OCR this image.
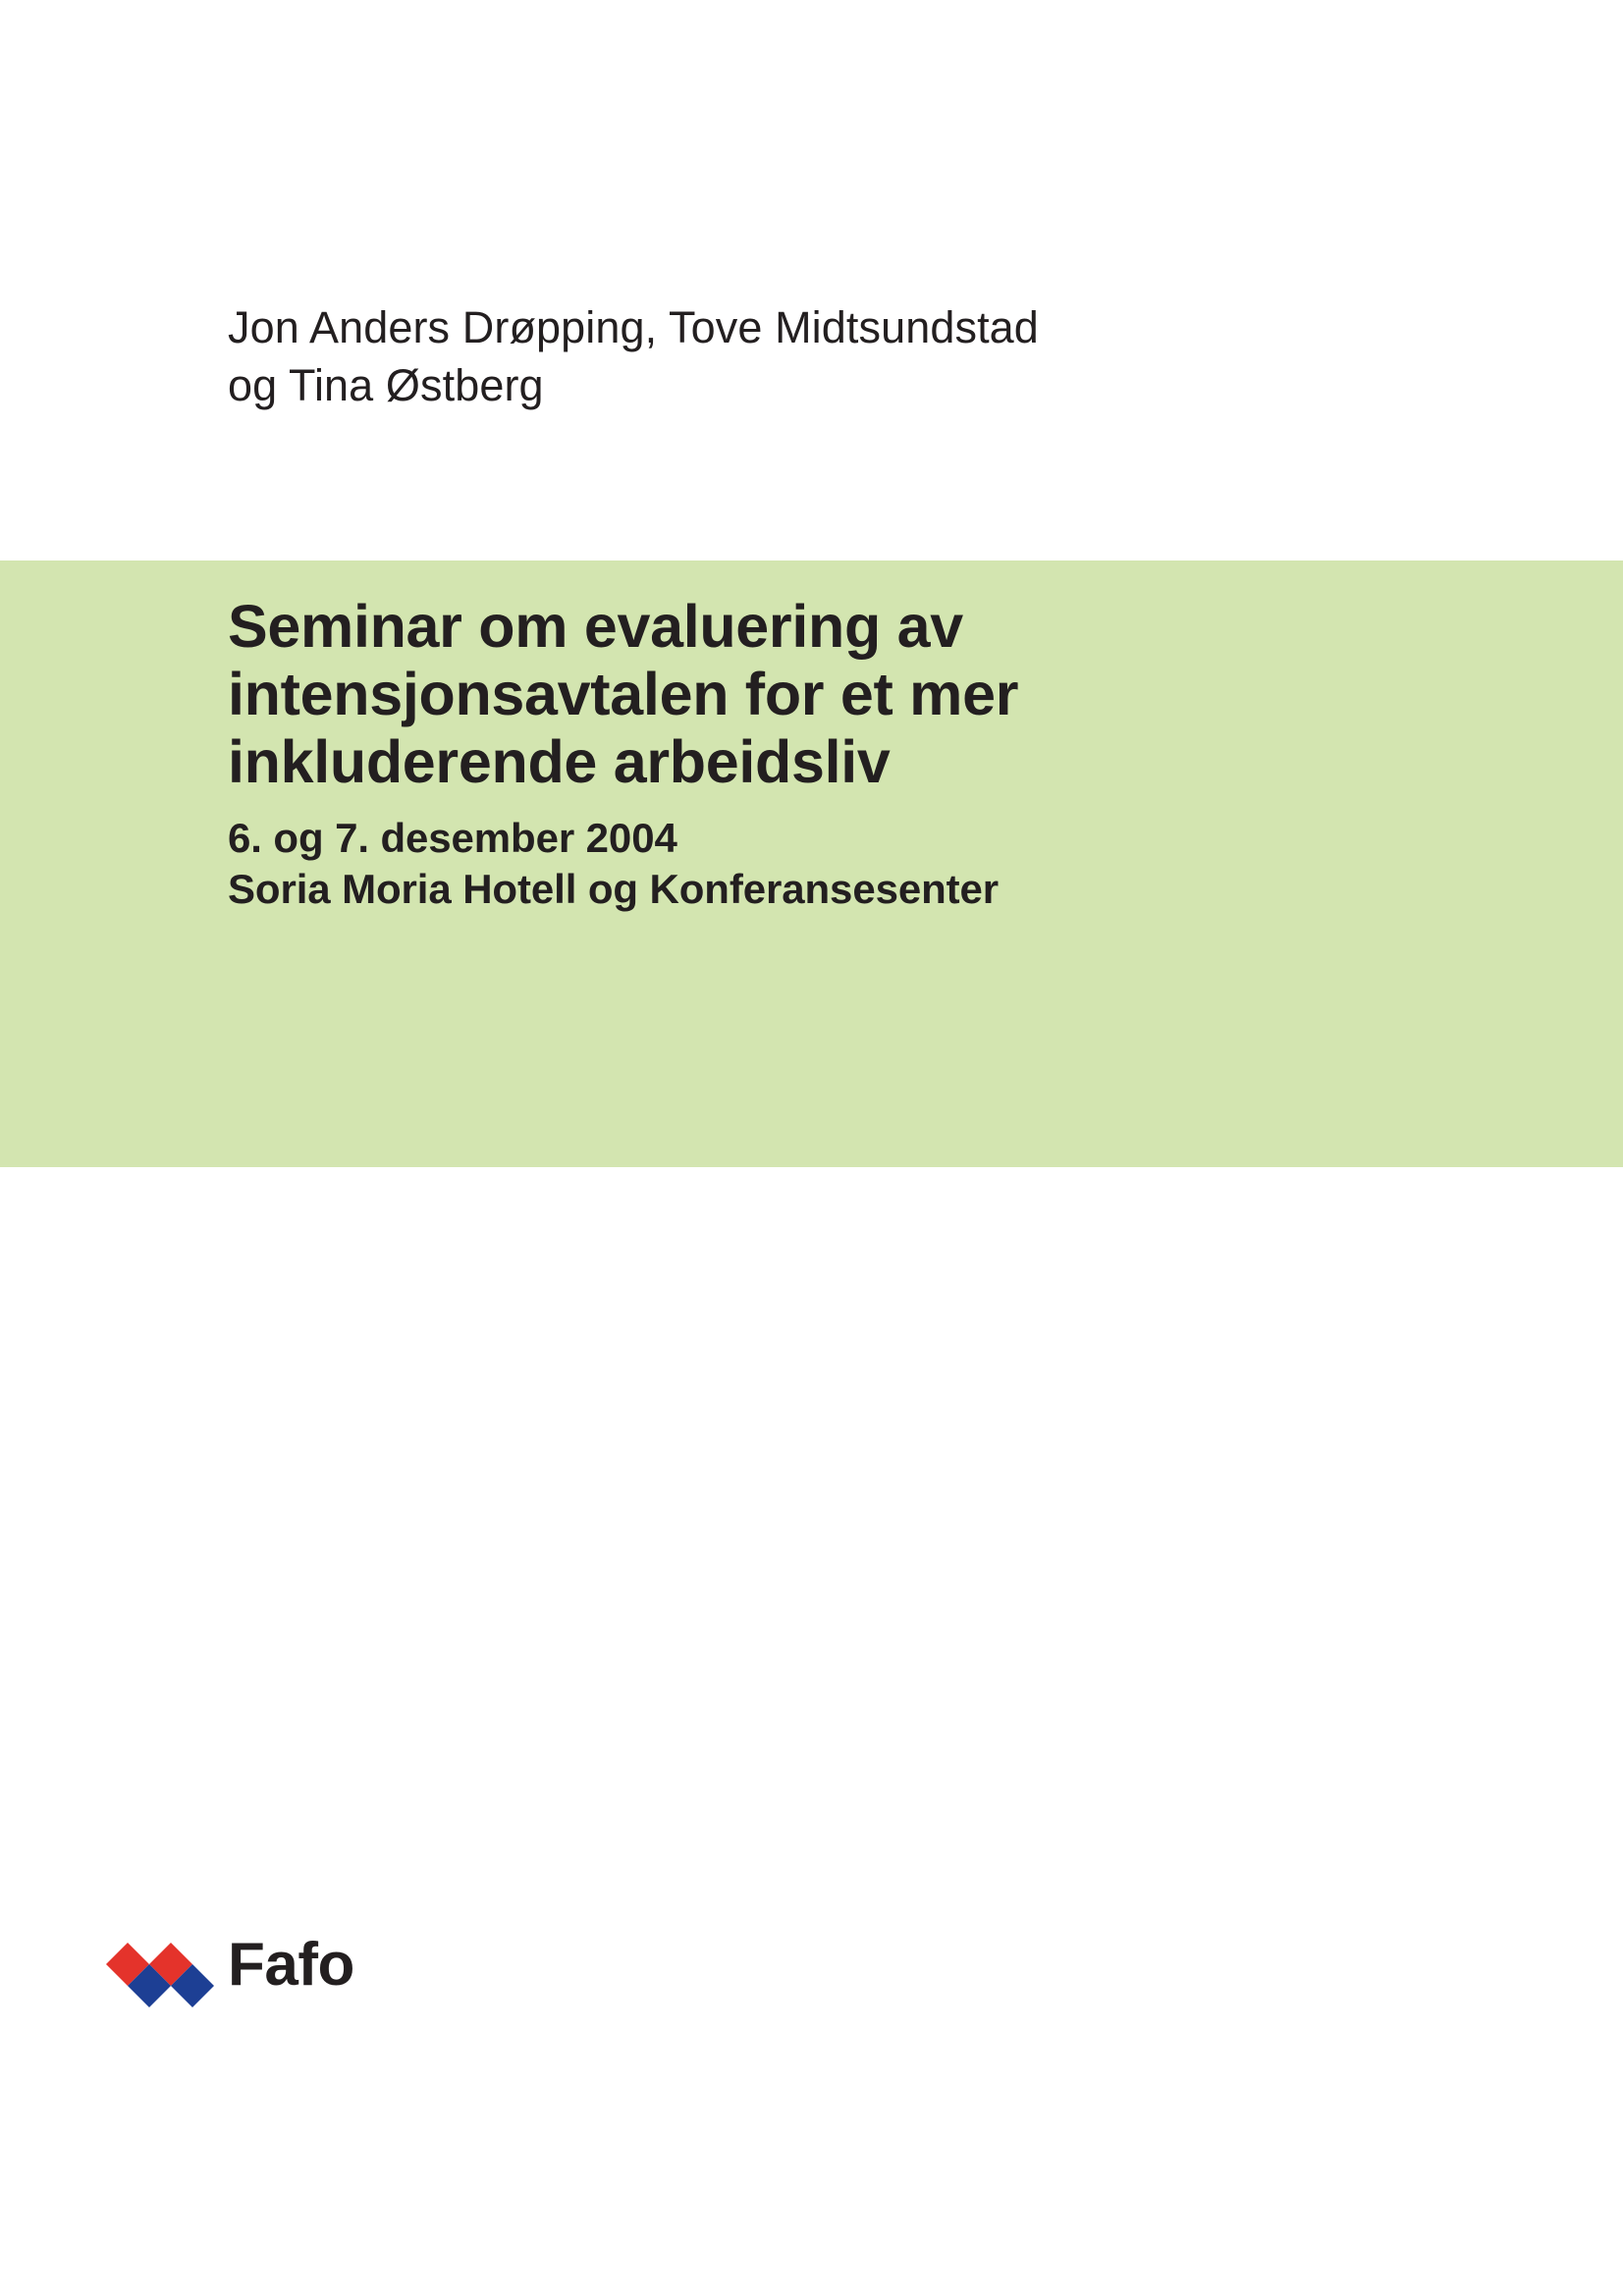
Jon Anders Drøpping, Tove Midtsundstad
og Tina Østberg
Seminar om evaluering av
intensjonsavtalen for et mer
inkluderende arbeidsliv
6. og 7. desember 2004
Soria Moria Hotell og Konferansesenter
Fafo
